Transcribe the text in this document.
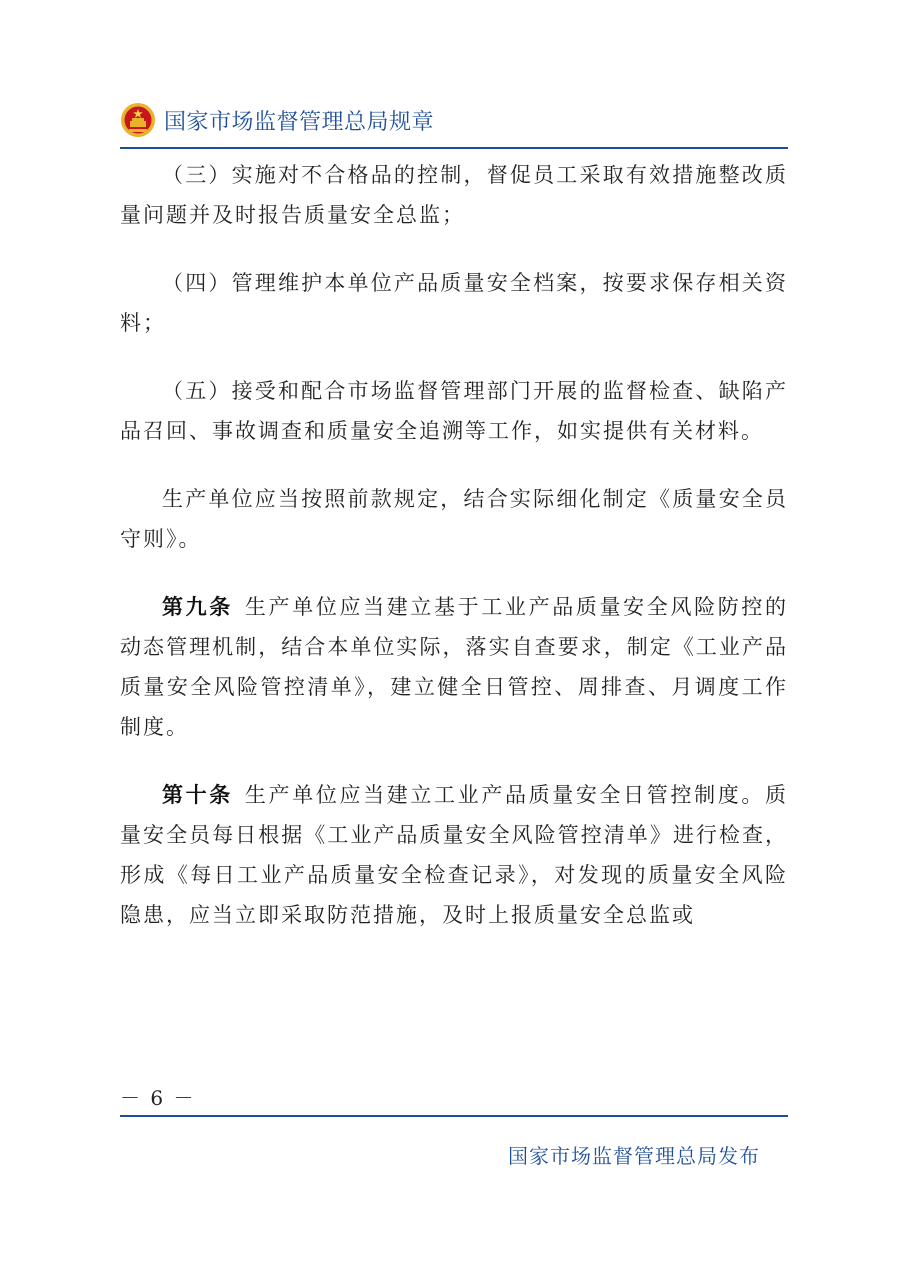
国家市场监督管理总局规章

（三）实施对不合格品的控制，督促员工采取有效措施整改质量问题并及时报告质量安全总监；

（四）管理维护本单位产品质量安全档案，按要求保存相关资料；

（五）接受和配合市场监督管理部门开展的监督检查、缺陷产品召回、事故调查和质量安全追溯等工作，如实提供有关材料。

生产单位应当按照前款规定，结合实际细化制定《质量安全员守则》。

第九条 生产单位应当建立基于工业产品质量安全风险防控的动态管理机制，结合本单位实际，落实自查要求，制定《工业产品质量安全风险管控清单》，建立健全日管控、周排查、月调度工作制度。

第十条 生产单位应当建立工业产品质量安全日管控制度。质量安全员每日根据《工业产品质量安全风险管控清单》进行检查，形成《每日工业产品质量安全检查记录》，对发现的质量安全风险隐患，应当立即采取防范措施，及时上报质量安全总监或

－ 6 －
国家市场监督管理总局发布
